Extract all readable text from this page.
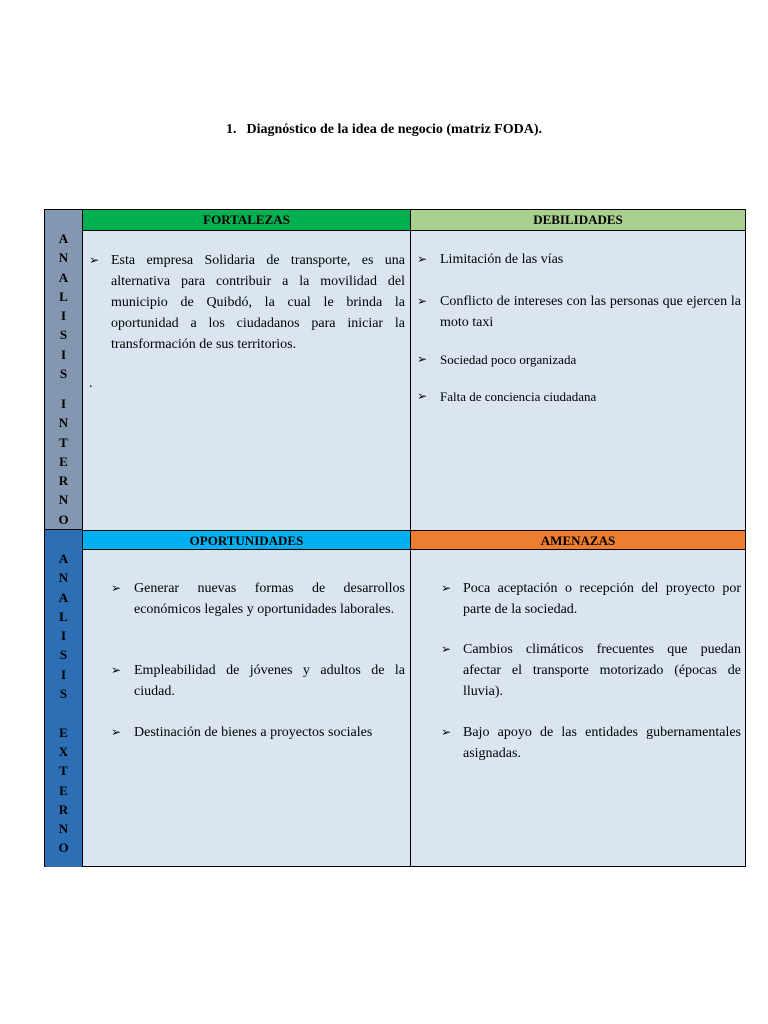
1. Diagnóstico de la idea de negocio (matriz FODA).
A
N
A
L
I
S
I
S
I
N
T
E
R
N
O
A
N
A
L
I
S
I
S
E
X
T
E
R
N
O
FORTALEZAS	DEBILIDADES
OPORTUNIDADES	AMENAZAS
➢ Esta empresa Solidaria de transporte, es una alternativa para contribuir a la movilidad del municipio de Quibdó, la cual le brinda la oportunidad a los ciudadanos para iniciar la transformación de sus territorios.
.
➢ Limitación de las vías
➢ Conflicto de intereses con las personas que ejercen la moto taxi
➢ Sociedad poco organizada
➢ Falta de conciencia ciudadana
➢ Generar nuevas formas de desarrollos económicos legales y oportunidades laborales.
➢ Empleabilidad de jóvenes y adultos de la ciudad.
➢ Destinación de bienes a proyectos sociales
➢ Poca aceptación o recepción del proyecto por parte de la sociedad.
➢ Cambios climáticos frecuentes que puedan afectar el transporte motorizado (épocas de lluvia).
➢ Bajo apoyo de las entidades gubernamentales asignadas.
